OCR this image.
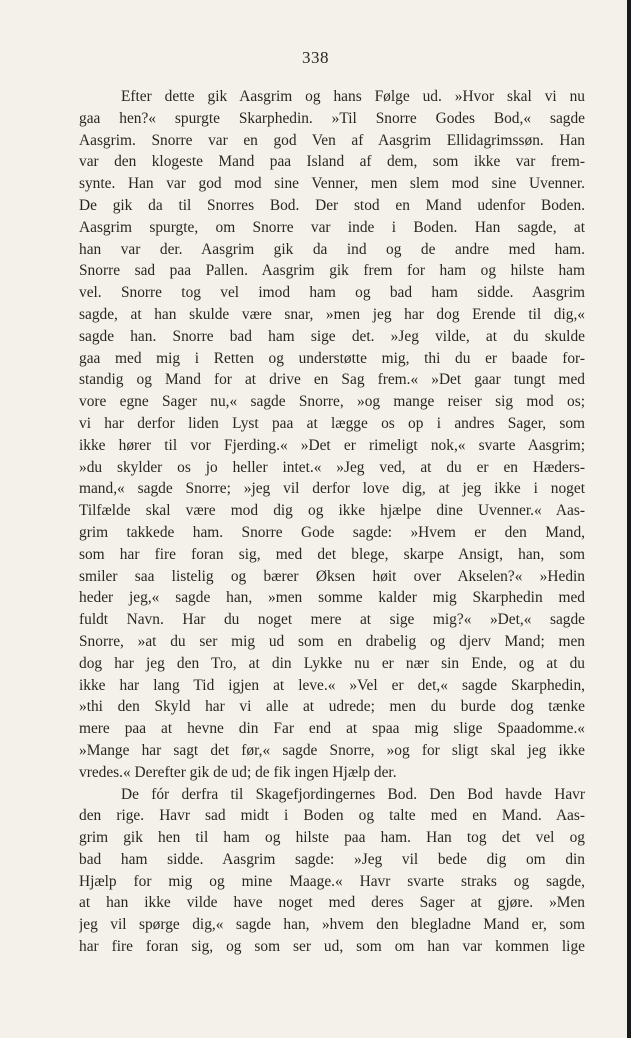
338
Efter dette gik Aasgrim og hans Følge ud. »Hvor skal vi nu
gaa hen?« spurgte Skarphedin. »Til Snorre Godes Bod,« sagde
Aasgrim. Snorre var en god Ven af Aasgrim Ellidagrimssøn. Han
var den klogeste Mand paa Island af dem, som ikke var frem-
synte. Han var god mod sine Venner, men slem mod sine Uvenner.
De gik da til Snorres Bod. Der stod en Mand udenfor Boden.
Aasgrim spurgte, om Snorre var inde i Boden. Han sagde, at
han var der. Aasgrim gik da ind og de andre med ham.
Snorre sad paa Pallen. Aasgrim gik frem for ham og hilste ham
vel. Snorre tog vel imod ham og bad ham sidde. Aasgrim
sagde, at han skulde være snar, »men jeg har dog Erende til dig,«
sagde han. Snorre bad ham sige det. »Jeg vilde, at du skulde
gaa med mig i Retten og understøtte mig, thi du er baade for-
standig og Mand for at drive en Sag frem.« »Det gaar tungt med
vore egne Sager nu,« sagde Snorre, »og mange reiser sig mod os;
vi har derfor liden Lyst paa at lægge os op i andres Sager, som
ikke hører til vor Fjerding.« »Det er rimeligt nok,« svarte Aasgrim;
»du skylder os jo heller intet.« »Jeg ved, at du er en Hæders-
mand,« sagde Snorre; »jeg vil derfor love dig, at jeg ikke i noget
Tilfælde skal være mod dig og ikke hjælpe dine Uvenner.« Aas-
grim takkede ham. Snorre Gode sagde: »Hvem er den Mand,
som har fire foran sig, med det blege, skarpe Ansigt, han, som
smiler saa listelig og bærer Øksen høit over Akselen?« »Hedin
heder jeg,« sagde han, »men somme kalder mig Skarphedin med
fuldt Navn. Har du noget mere at sige mig?« »Det,« sagde
Snorre, »at du ser mig ud som en drabelig og djerv Mand; men
dog har jeg den Tro, at din Lykke nu er nær sin Ende, og at du
ikke har lang Tid igjen at leve.« »Vel er det,« sagde Skarphedin,
»thi den Skyld har vi alle at udrede; men du burde dog tænke
mere paa at hevne din Far end at spaa mig slige Spaadomme.«
»Mange har sagt det før,« sagde Snorre, »og for sligt skal jeg ikke
vredes.« Derefter gik de ud; de fik ingen Hjælp der.
De fór derfra til Skagefjordingernes Bod. Den Bod havde Havr
den rige. Havr sad midt i Boden og talte med en Mand. Aas-
grim gik hen til ham og hilste paa ham. Han tog det vel og
bad ham sidde. Aasgrim sagde: »Jeg vil bede dig om din
Hjælp for mig og mine Maage.« Havr svarte straks og sagde,
at han ikke vilde have noget med deres Sager at gjøre. »Men
jeg vil spørge dig,« sagde han, »hvem den blegladne Mand er, som
har fire foran sig, og som ser ud, som om han var kommen lige
